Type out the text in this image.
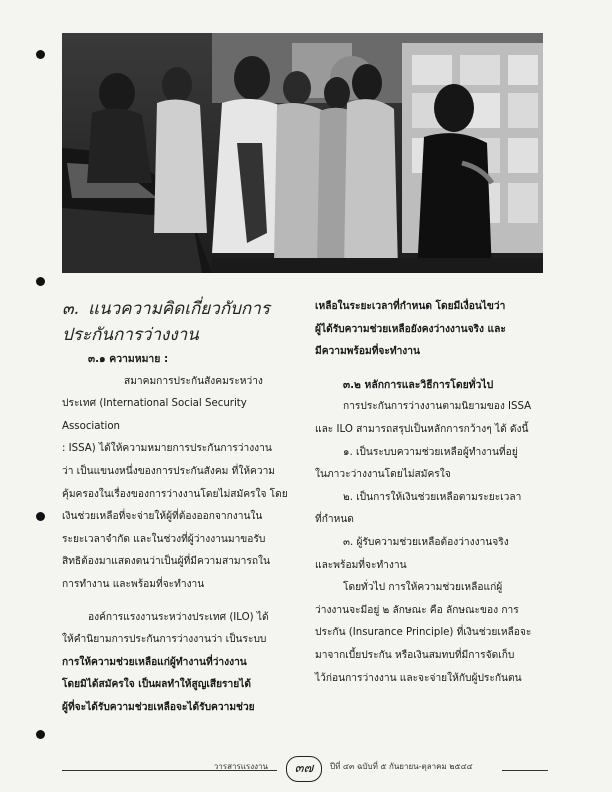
๓. แนวความคิดเกี่ยวกับการ
ประกันการว่างงาน

๓.๑ ความหมาย :

สมาคมการประกันสังคมระหว่าง

ประเทศ (International Social Security Association

: ISSA) ได้ให้ความหมายการประกันการว่างงาน

ว่า เป็นแขนงหนึ่งของการประกันสังคม ที่ให้ความ

คุ้มครองในเรื่องของการว่างงานโดยไม่สมัครใจ โดย

เงินช่วยเหลือที่จะจ่ายให้ผู้ที่ต้องออกจากงานใน

ระยะเวลาจำกัด และในช่วงที่ผู้ว่างงานมาขอรับ

สิทธิต้องมาแสดงตนว่าเป็นผู้ที่มีความสามารถใน

การทำงาน และพร้อมที่จะทำงาน

องค์การแรงงานระหว่างประเทศ (ILO) ได้

ให้คำนิยามการประกันการว่างงานว่า เป็นระบบ

การให้ความช่วยเหลือแก่ผู้ทำงานที่ว่างงาน

โดยมิได้สมัครใจ เป็นผลทำให้สูญเสียรายได้

ผู้ที่จะได้รับความช่วยเหลือจะได้รับความช่วย

เหลือในระยะเวลาที่กำหนด โดยมีเงื่อนไขว่า

ผู้ได้รับความช่วยเหลือยังคงว่างงานจริง และ

มีความพร้อมที่จะทำงาน

๓.๒ หลักการและวิธีการโดยทั่วไป

การประกันการว่างงานตามนิยามของ ISSA

และ ILO สามารถสรุปเป็นหลักการกว้างๆ ได้ ดังนี้

๑. เป็นระบบความช่วยเหลือผู้ทำงานที่อยู่

ในภาวะว่างงานโดยไม่สมัครใจ

๒. เป็นการให้เงินช่วยเหลือตามระยะเวลา

ที่กำหนด

๓. ผู้รับความช่วยเหลือต้องว่างงานจริง

และพร้อมที่จะทำงาน

โดยทั่วไป การให้ความช่วยเหลือแก่ผู้

ว่างงานจะมีอยู่ ๒ ลักษณะ คือ ลักษณะของ การ

ประกัน (Insurance Principle) ที่เงินช่วยเหลือจะ

มาจากเบี้ยประกัน หรือเงินสมทบที่มีการจัดเก็บ

ไว้ก่อนการว่างงาน และจะจ่ายให้กับผู้ประกันตน

วารสารแรงงาน	๓๗	ปีที่ ๔๓ ฉบับที่ ๕ กันยายน-ตุลาคม ๒๕๔๔
